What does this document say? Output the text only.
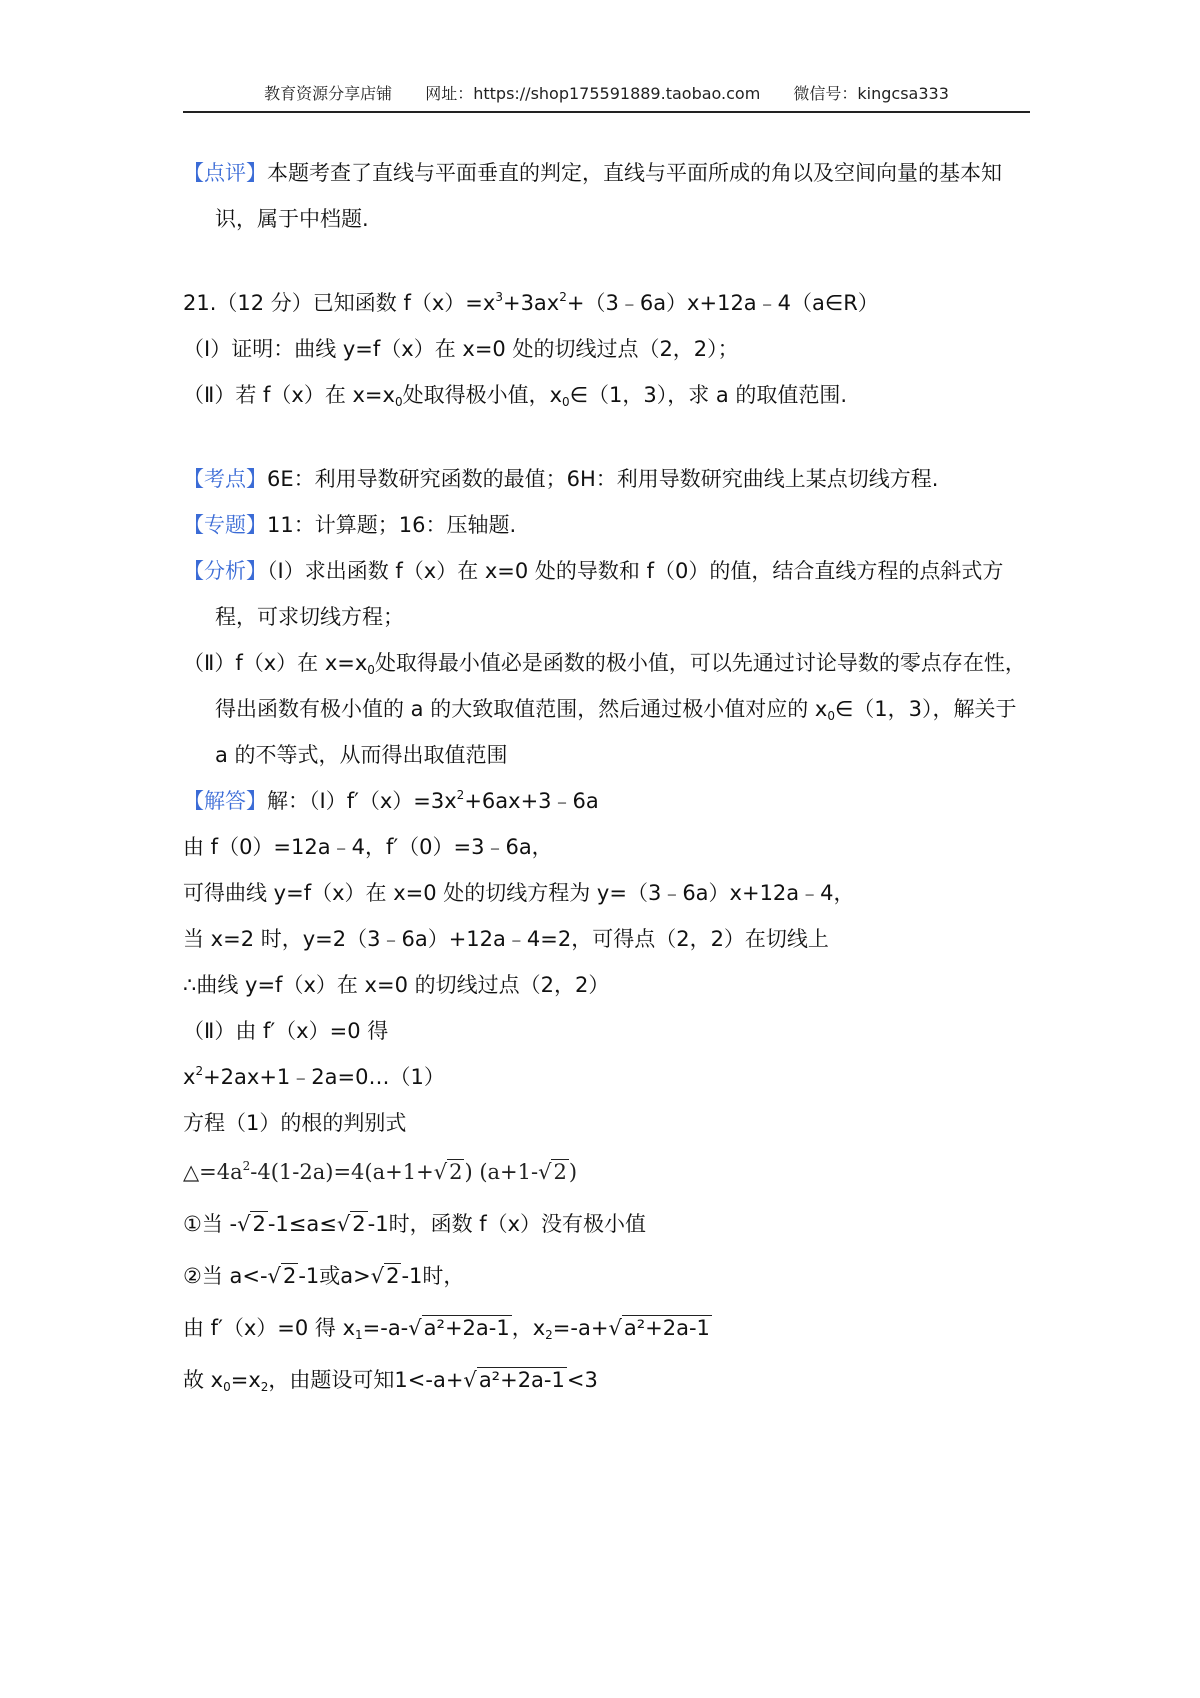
教育资源分享店铺 网址：https://shop175591889.taobao.com 微信号：kingcsa333

【点评】本题考查了直线与平面垂直的判定，直线与平面所成的角以及空间向量的基本知识，属于中档题.

21.（12 分）已知函数 $f(x)=x^3+3ax^2+(3﹣6a)x+12a﹣4(a\in R)$

（Ⅰ）证明：曲线 y=f（x）在 x=0 处的切线过点（2，2）；

（Ⅱ）若 f（x）在 $x=x_0$处取得极小值，$x_0\in(1$，3），求 a 的取值范围.

【考点】6E：利用导数研究函数的最值；6H：利用导数研究曲线上某点切线方程.

【专题】11：计算题；16：压轴题.

【分析】（Ⅰ）求出函数 f（x）在 x=0 处的导数和 f（0）的值，结合直线方程的点斜式方程，可求切线方程；

（Ⅱ）f（x）在 $x=x_0$处取得最小值必是函数的极小值，可以先通过讨论导数的零点存在性，得出函数有极小值的 a 的大致取值范围，然后通过极小值对应的 $x_0\in(1$，3），解关于 a 的不等式，从而得出取值范围

【解答】解：$(Ⅰ)f'(x)=3x^2+6ax+3﹣6a$

由 f（0）=12a﹣4，f′（0）=3﹣6a，

可得曲线 y=f（x）在 x=0 处的切线方程为 y=（3﹣6a）x+12a﹣4，

当 x=2 时，y=2（3﹣6a）+12a﹣4=2，可得点（2，2）在切线上

∴曲线 y=f（x）在 x=0 的切线过点（2，2）

（Ⅱ）由 f′（x）=0 得

$x^2+2ax+1﹣2a=0\dots(1)$

方程（1）的根的判别式

$\triangle=4a^2-4(1-2a)=4(a+1+√2)$ (a+1-√2)

①当 -√2-1≤a≤√2-1时，函数 f（x）没有极小值

②当 a<-√2-1或a>√2-1时，

由 f′（x）=0 得 $x_1=-a-√a^2+2a-1$，$x_2=-a+√a^2+2a-1$

故 $x_0=x_2$，由题设可知1<-a+√a²+2a-1<3
